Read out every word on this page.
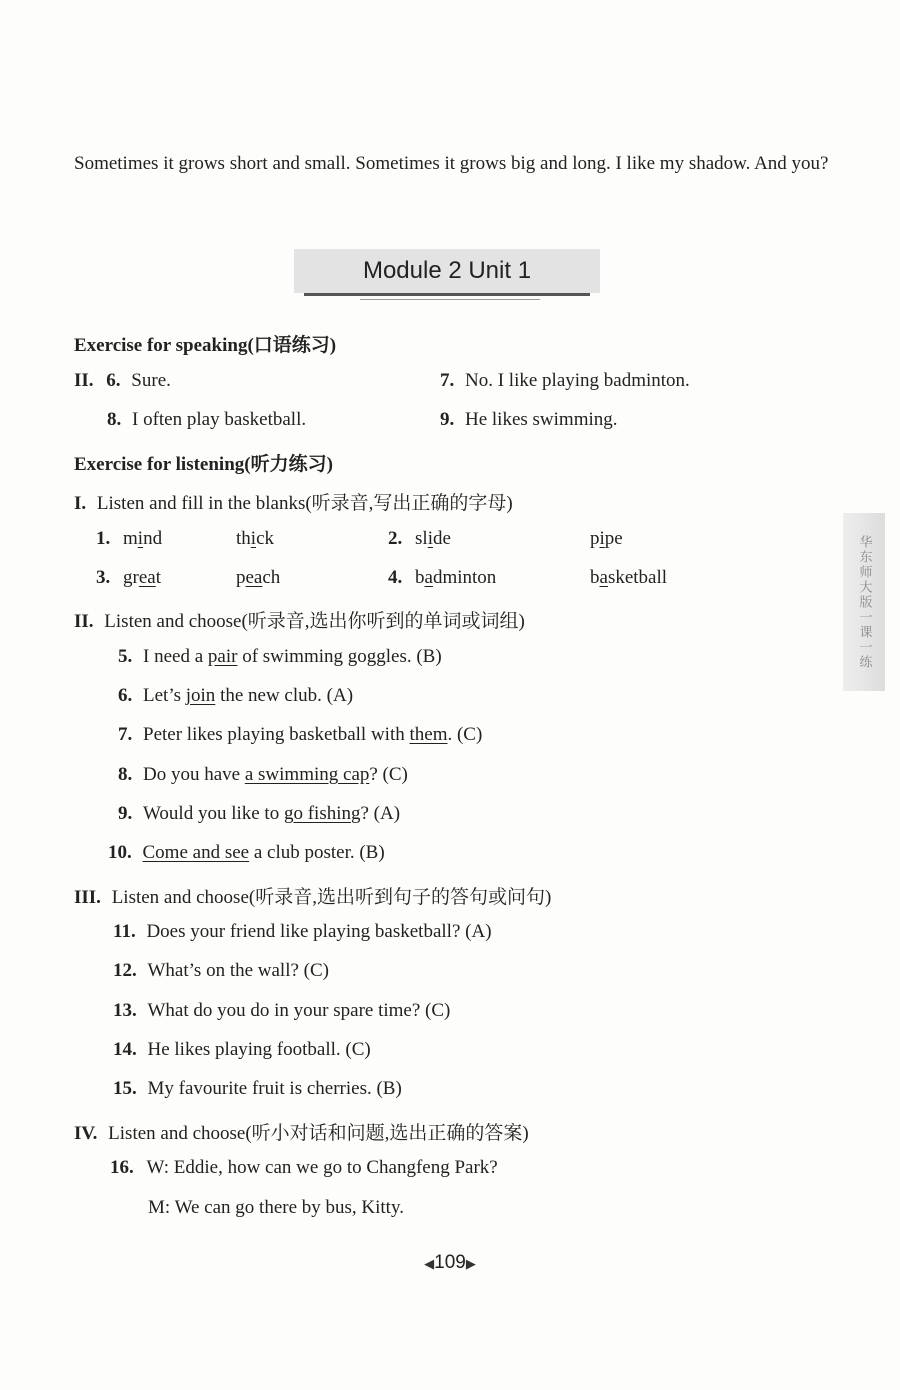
Sometimes it grows short and small. Sometimes it grows big and long. I like my shadow. And you?
Module 2 Unit 1
Exercise for speaking(口语练习)
II. 6. Sure.	7. No. I like playing badminton.
8. I often play basketball.	9. He likes swimming.
Exercise for listening(听力练习)
I. Listen and fill in the blanks(听录音,写出正确的字母)
1. mind	thick	2. slide	pipe
3. great	peach	4. badminton	basketball
II. Listen and choose(听录音,选出你听到的单词或词组)
5. I need a pair of swimming goggles. (B)
6. Let’s join the new club. (A)
7. Peter likes playing basketball with them. (C)
8. Do you have a swimming cap? (C)
9. Would you like to go fishing? (A)
10. Come and see a club poster. (B)
III. Listen and choose(听录音,选出听到句子的答句或问句)
11. Does your friend like playing basketball? (A)
12. What’s on the wall? (C)
13. What do you do in your spare time? (C)
14. He likes playing football. (C)
15. My favourite fruit is cherries. (B)
IV. Listen and choose(听小对话和问题,选出正确的答案)
16. W: Eddie, how can we go to Changfeng Park?
M: We can go there by bus, Kitty.
华东师大版一课一练
◀109▶
